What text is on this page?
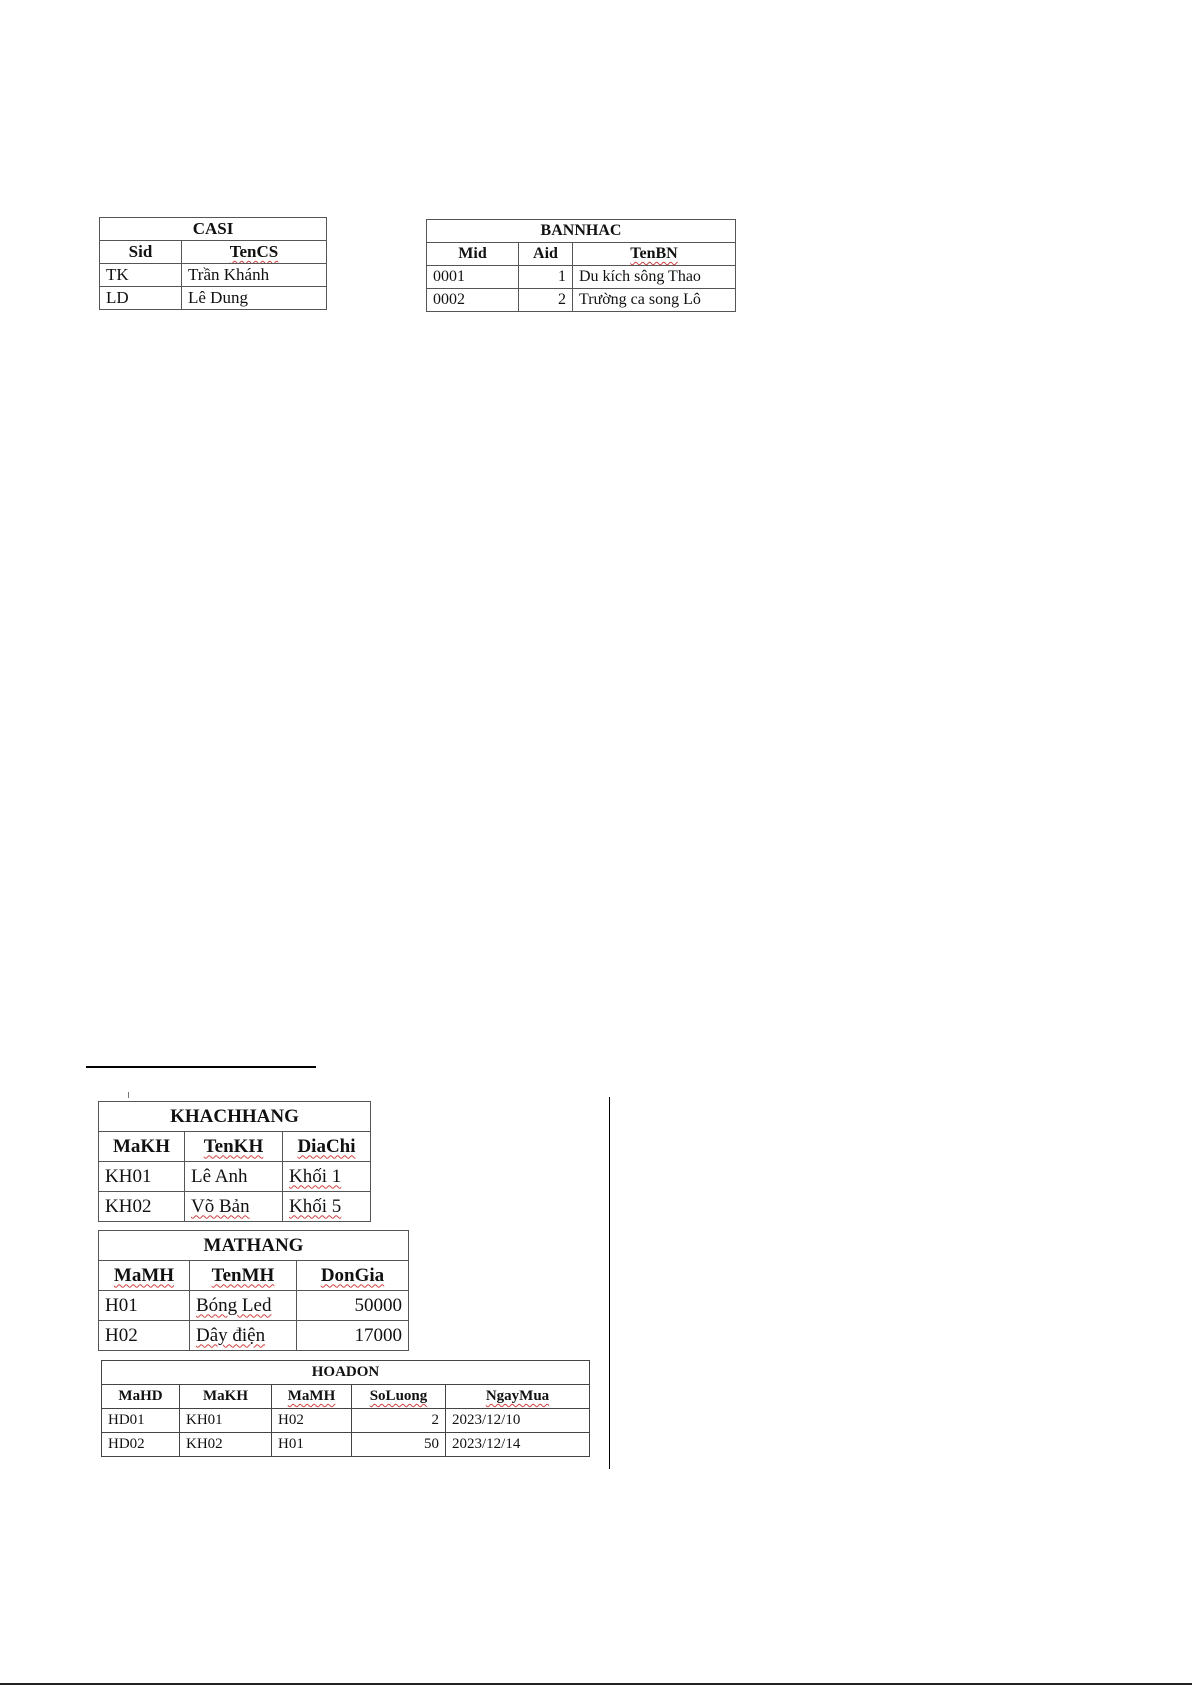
CASI	
Sid	TenCS
TK	Trần Khánh
LD	Lê Dung
BANNHAC		
Mid	Aid	TenBN
0001	1	Du kích sông Thao
0002	2	Trường ca song Lô
KHACHHANG		
MaKH	TenKH	DiaChi
KH01	Lê Anh	Khối 1
KH02	Võ Bản	Khối 5
MATHANG		
MaMH	TenMH	DonGia
H01	Bóng Led	50000
H02	Dây điện	17000
HOADON				
MaHD	MaKH	MaMH	SoLuong	NgayMua
HD01	KH01	H02	2	2023/12/10
HD02	KH02	H01	50	2023/12/14
